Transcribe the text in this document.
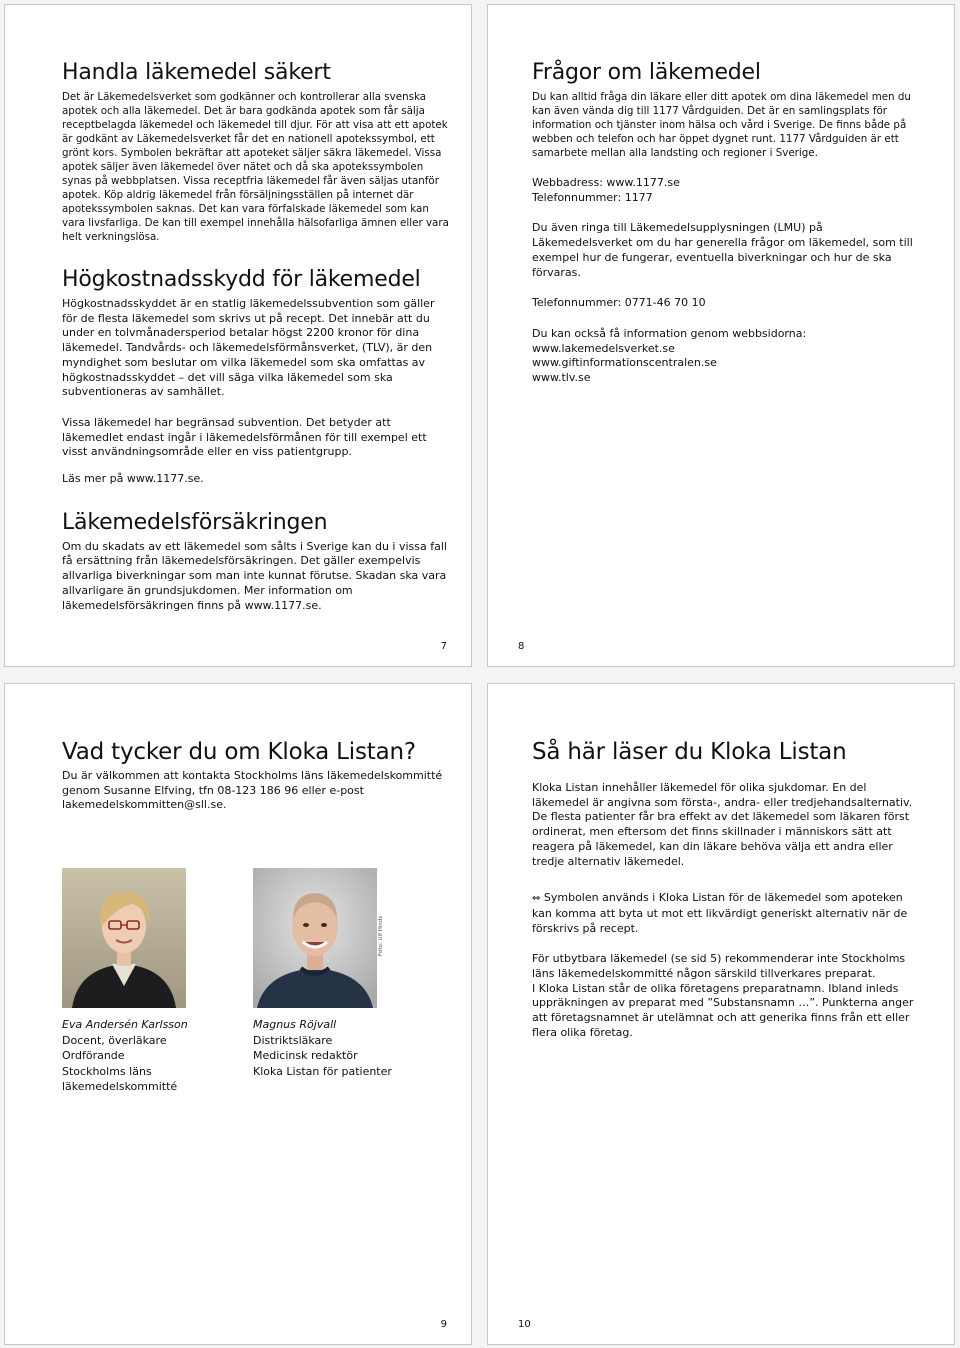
Handla läkemedel säkert

Det är Läkemedelsverket som godkänner och kontrollerar alla svenska apotek och alla läkemedel. Det är bara godkända apotek som får sälja receptbelagda läkemedel och läkemedel till djur. För att visa att ett apotek är godkänt av Läkemedelsverket får det en nationell apotekssymbol, ett grönt kors. Symbolen bekräftar att apoteket säljer säkra läkemedel. Vissa apotek säljer även läkemedel över nätet och då ska apotekssymbolen synas på webbplatsen. Vissa receptfria läkemedel får även säljas utanför apotek. Köp aldrig läkemedel från försäljningsställen på internet där apotekssymbolen saknas. Det kan vara förfalskade läkemedel som kan vara livsfarliga. De kan till exempel innehålla hälsofarliga ämnen eller vara helt verkningslösa.

Högkostnadsskydd för läkemedel

Högkostnadsskyddet är en statlig läkemedelssubvention som gäller för de flesta läkemedel som skrivs ut på recept. Det innebär att du under en tolvmånadersperiod betalar högst 2200 kronor för dina läkemedel. Tandvårds- och läkemedelsförmånsverket, (TLV), är den myndighet som beslutar om vilka läkemedel som ska omfattas av högkostnadsskyddet – det vill säga vilka läkemedel som ska subventioneras av samhället.

Vissa läkemedel har begränsad subvention. Det betyder att läkemedlet endast ingår i läkemedelsförmånen för till exempel ett visst användningsområde eller en viss patientgrupp.

Läs mer på www.1177.se.

Läkemedelsförsäkringen

Om du skadats av ett läkemedel som sålts i Sverige kan du i vissa fall få ersättning från läkemedelsförsäkringen. Det gäller exempelvis allvarliga biverkningar som man inte kunnat förutse. Skadan ska vara allvarligare än grundsjukdomen. Mer information om läkemedelsförsäkringen finns på www.1177.se.

7
Frågor om läkemedel

Du kan alltid fråga din läkare eller ditt apotek om dina läkemedel men du kan även vända dig till 1177 Vårdguiden. Det är en samlingsplats för information och tjänster inom hälsa och vård i Sverige. De finns både på webben och telefon och har öppet dygnet runt. 1177 Vårdguiden är ett samarbete mellan alla landsting och regioner i Sverige.

Webbadress: www.1177.se

Telefonnummer: 1177

Du även ringa till Läkemedelsupplysningen (LMU) på Läkemedelsverket om du har generella frågor om läkemedel, som till exempel hur de fungerar, eventuella biverkningar och hur de ska förvaras.

Telefonnummer: 0771-46 70 10

Du kan också få information genom webbsidorna:

www.lakemedelsverket.se

www.giftinformationscentralen.se

www.tlv.se

8
Vad tycker du om Kloka Listan?

Du är välkommen att kontakta Stockholms läns läkemedelskommitté genom Susanne Elfving, tfn 08-123 186 96 eller e-post lakemedelskommitten@sll.se.

Foto: Ulf Hinds
Eva Andersén Karlsson
Docent, överläkare
Ordförande
Stockholms läns
läkemedelskommitté
Magnus Röjvall
Distriktsläkare
Medicinsk redaktör
Kloka Listan för patienter
9
Så här läser du Kloka Listan

Kloka Listan innehåller läkemedel för olika sjukdomar. En del läkemedel är angivna som första-, andra- eller tredjehandsalternativ. De flesta patienter får bra effekt av det läkemedel som läkaren först ordinerat, men eftersom det finns skillnader i människors sätt att reagera på läkemedel, kan din läkare behöva välja ett andra eller tredje alternativ läkemedel.

⇔ Symbolen används i Kloka Listan för de läkemedel som apoteken kan komma att byta ut mot ett likvärdigt generiskt alternativ när de förskrivs på recept.

För utbytbara läkemedel (se sid 5) rekommenderar inte Stockholms läns läkemedelskommitté någon särskild tillverkares preparat.

I Kloka Listan står de olika företagens preparatnamn. Ibland inleds uppräkningen av preparat med ”Substansnamn …”. Punkterna anger att företagsnamnet är utelämnat och att generika finns från ett eller flera olika företag.

10
